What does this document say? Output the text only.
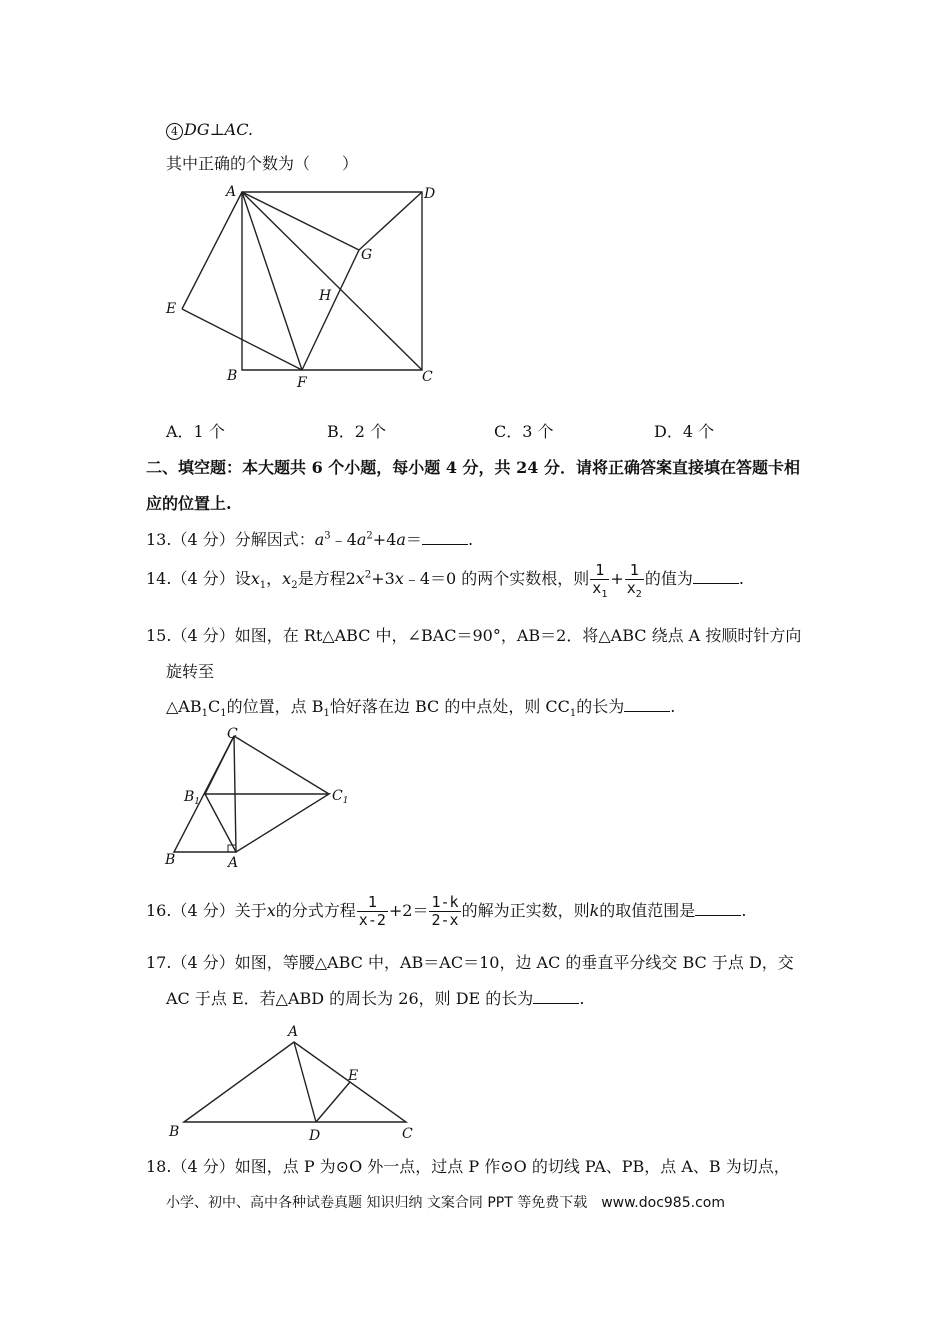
4 DG⊥AC.
其中正确的个数为（　　）
A	D
G
H
E
B	F	C
A．1 个	B．2 个	C．3 个	D．4 个
二、填空题：本大题共 6 个小题，每小题 4 分，共 24 分．请将正确答案直接填在答题卡相
应的位置上.
13.（4 分）分解因式：$a^3﹣4a^2+4a=$	.
14.（4 分）设$x_1$，$x_2$是方程$2x^2+3x﹣4=0$ 的两个实数根，则 $\frac{1}{x_1} + \frac{1}{x_2}$ 的值为	.
15.（4 分）如图，在 Rt△ABC 中，∠BAC＝90°，AB＝2．将△ABC 绕点 A 按顺时针方向
旋转至
$\triangle AB_1C_1$的位置，点 $B_1$恰好落在边 BC 的中点处，则 $CC_1$的长为	.
C
$B_1$	$C_1$
B	A
16.（4 分）关于x的分式方程 $\frac{1}{x-2} +2= \frac{1-k}{2-x}$ 的解为正实数，则k的取值范围是	.
17.（4 分）如图，等腰△ABC 中，AB＝AC＝10，边 AC 的垂直平分线交 BC 于点 D，交
AC 于点 E．若△ABD 的周长为 26，则 DE 的长为	.
A
E
B	D	C
18.（4 分）如图，点 P 为⊙O 外一点，过点 P 作⊙O 的切线 PA、PB，点 A、B 为切点，
小学、初中、高中各种试卷真题 知识归纳 文案合同 PPT 等免费下载　www.doc985.com
